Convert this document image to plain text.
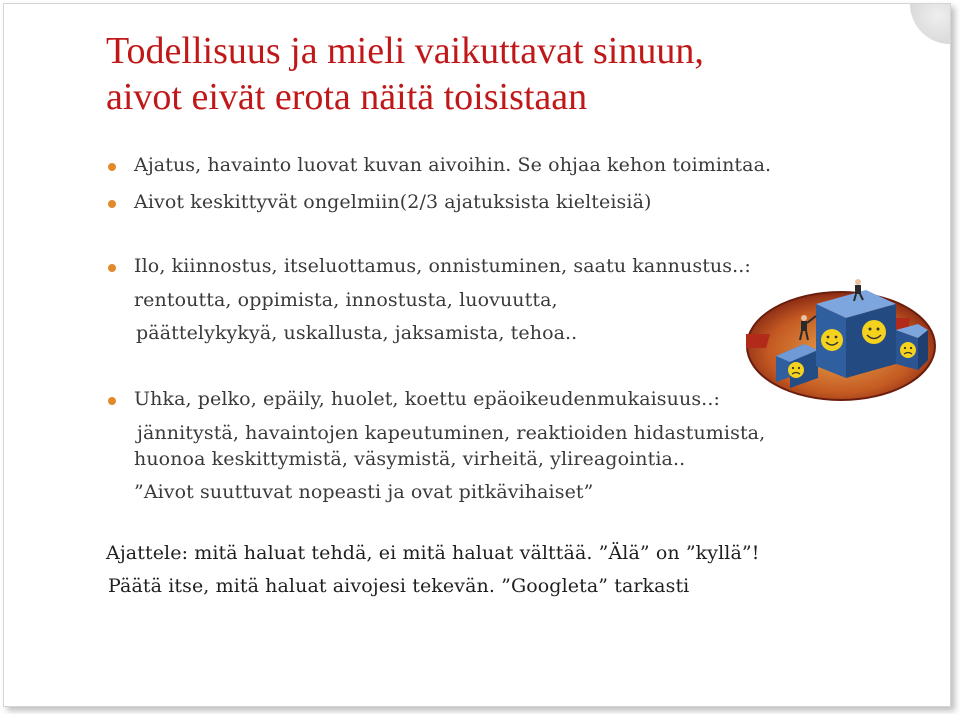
Todellisuus ja mieli vaikuttavat sinuun,
aivot eivät erota näitä toisistaan
Ajatus, havainto luovat kuvan aivoihin. Se ohjaa kehon toimintaa.
Aivot keskittyvät ongelmiin(2/3 ajatuksista kielteisiä)
Ilo, kiinnostus, itseluottamus, onnistuminen, saatu kannustus..:
rentoutta, oppimista, innostusta, luovuutta,
päättelykykyä, uskallusta, jaksamista, tehoa..
Uhka, pelko, epäily, huolet, koettu epäoikeudenmukaisuus..:
jännitystä, havaintojen kapeutuminen, reaktioiden hidastumista,
huonoa keskittymistä, väsymistä, virheitä, ylireagointia..
”Aivot suuttuvat nopeasti ja ovat pitkävihaiset”
Ajattele: mitä haluat tehdä, ei mitä haluat välttää. ”Älä” on ”kyllä”!
Päätä itse, mitä haluat aivojesi tekevän. ”Googleta” tarkasti
